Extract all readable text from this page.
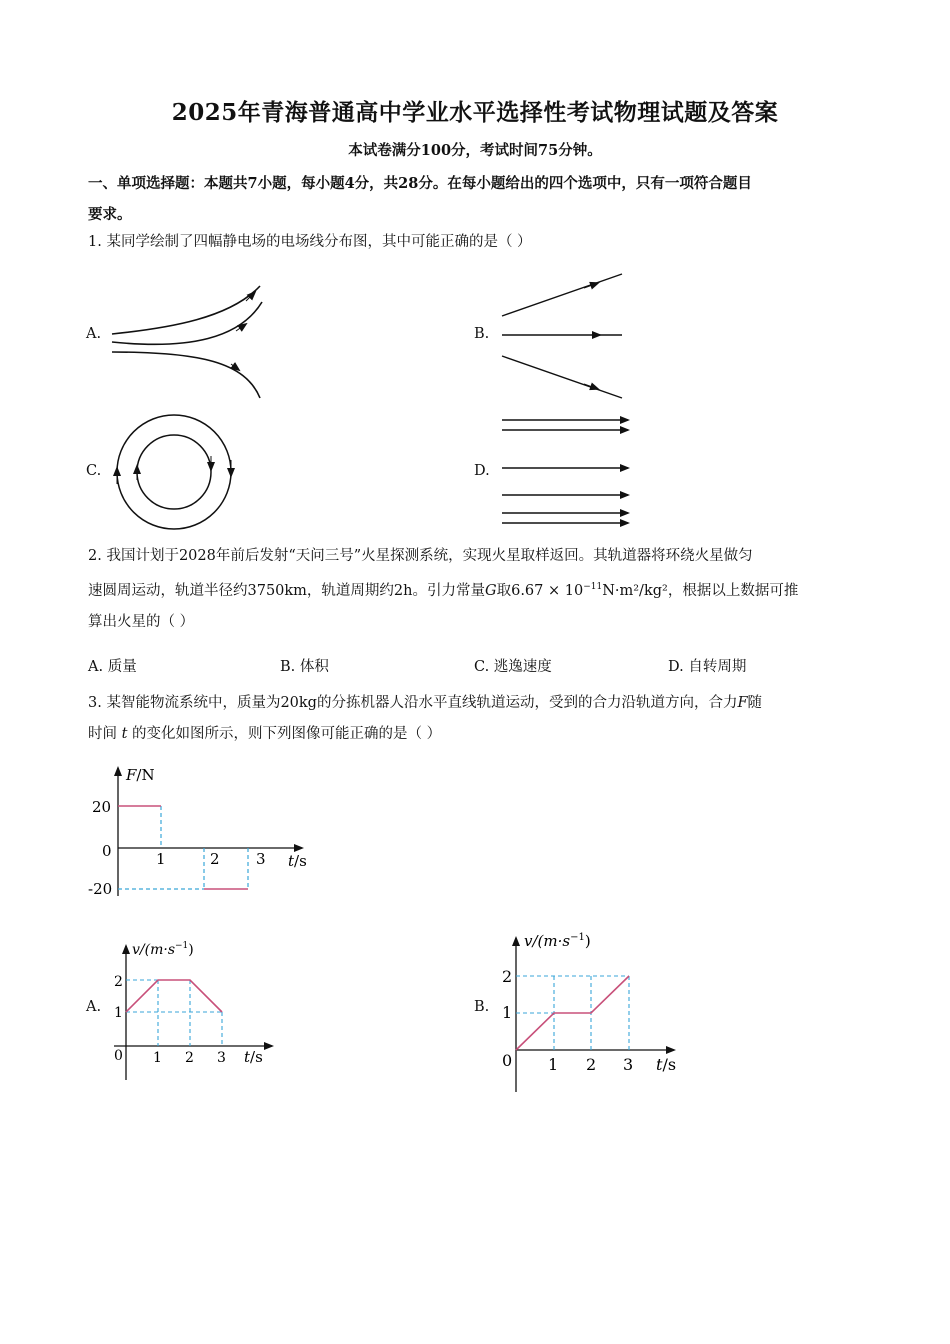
2025年青海普通高中学业水平选择性考试物理试题及答案
本试卷满分100分，考试时间75分钟。
一、单项选择题：本题共7小题，每小题4分，共28分。在每小题给出的四个选项中，只有一项符合题目
要求。
1. 某同学绘制了四幅静电场的电场线分布图，其中可能正确的是（ ）
A.	B.
C.	D.
2. 我国计划于2028年前后发射“天问三号”火星探测系统，实现火星取样返回。其轨道器将环绕火星做匀
速圆周运动，轨道半径约3750km，轨道周期约2h。引力常量G取$6.67 \times 10^{-11}N\cdot m^2$/kg²，根据以上数据可推
算出火星的（ ）
A. 质量	B. 体积	C. 逃逸速度	D. 自转周期
3. 某智能物流系统中，质量为20kg的分拣机器人沿水平直线轨道运动，受到的合力沿轨道方向，合力F随
时间 t 的变化如图所示，则下列图像可能正确的是（ ）
F/N
t/s
20
0
-20
1	2 3
A.
$v/(m\cdot s^{-1})$
t/s
2
1
0 1 2 3
B.
$v/(m\cdot s^{-1})$
t/s
2
1
0 1 2 3
